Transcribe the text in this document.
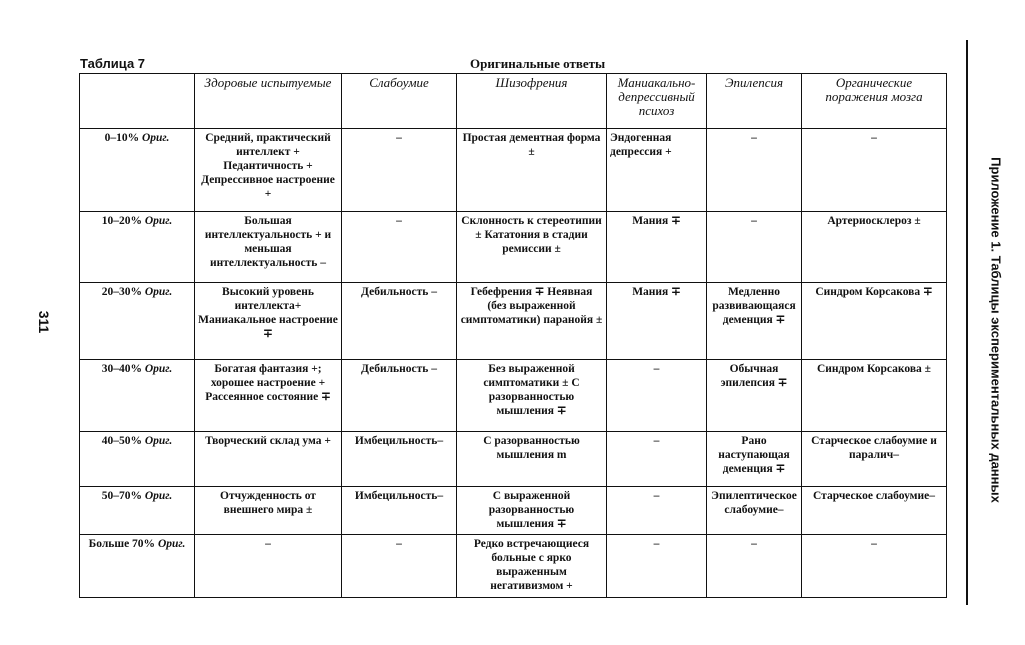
Таблица 7	Оригинальные ответы
311	Приложение 1. Таблицы экспериментальных данных
	Здоровые испытуемые	Слабоумие	Шизофрения	Маниакально-депрессивный психоз	Эпилепсия	Органические поражения мозга
0–10% Ориг.	Средний, практический интеллект + Педантичность + Депрессивное настроение +	–	Простая дементная форма ±	Эндогенная депрессия +	–	–
10–20% Ориг.	Большая интеллектуальность + и меньшая интеллектуальность –	–	Склонность к стереотипии ± Кататония в стадии ремиссии ±	Мания ∓	–	Артериосклероз ±
20–30% Ориг.	Высокий уровень интеллекта+ Маниакальное настроение ∓	Дебильность –	Гебефрения ∓ Неявная (без выраженной симптоматики) паранойя ±	Мания ∓	Медленно развивающаяся деменция ∓	Синдром Корсакова ∓
30–40% Ориг.	Богатая фантазия +; хорошее настроение + Рассеянное состояние ∓	Дебильность –	Без выраженной симптоматики ± С разорванностью мышления ∓	–	Обычная эпилепсия ∓	Синдром Корсакова ±
40–50% Ориг.	Творческий склад ума +	Имбецильность–	С разорванностью мышления m	–	Рано наступающая деменция ∓	Старческое слабоумие и паралич–
50–70% Ориг.	Отчужденность от внешнего мира ±	Имбецильность–	С выраженной разорванностью мышления ∓	–	Эпилептическое слабоумие–	Старческое слабоумие–
Больше 70% Ориг.	–	–	Редко встречающиеся больные с ярко выраженным негативизмом +	–	–	–
